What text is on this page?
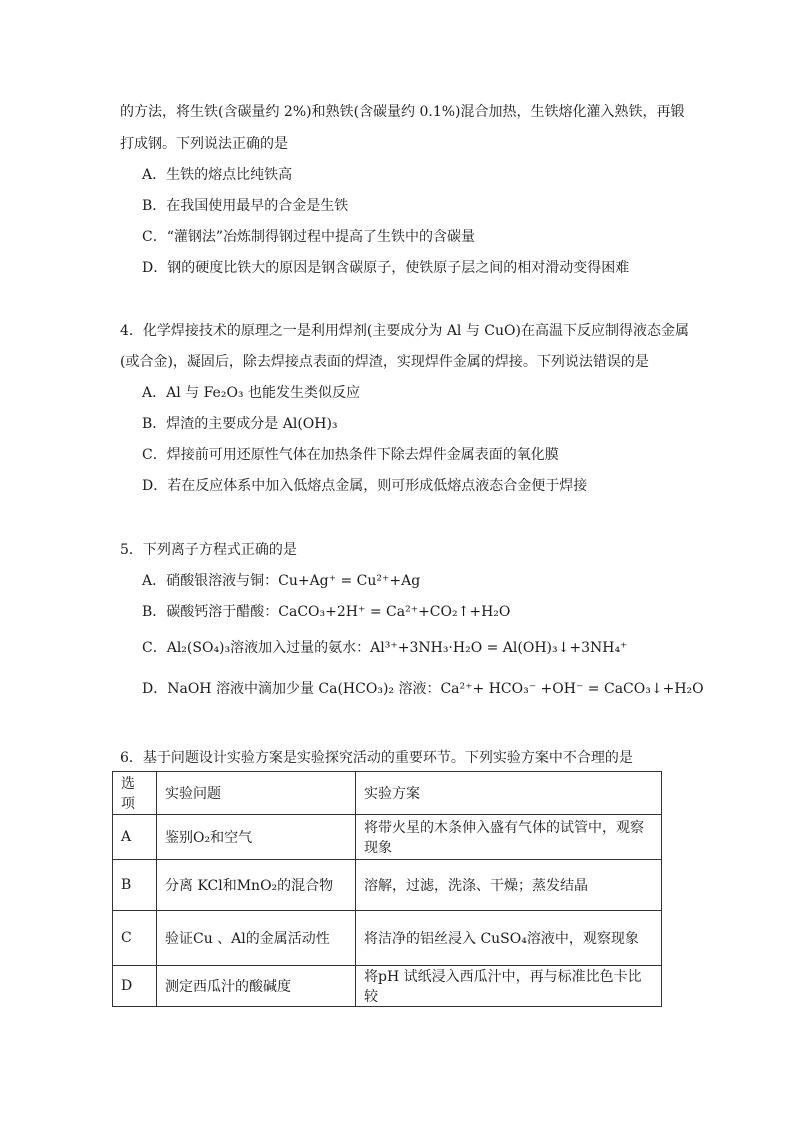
的方法，将生铁(含碳量约 2%)和熟铁(含碳量约 0.1%)混合加热，生铁熔化灌入熟铁，再锻
打成钢。下列说法正确的是
A．生铁的熔点比纯铁高
B．在我国使用最早的合金是生铁
C．“灌钢法”冶炼制得钢过程中提高了生铁中的含碳量
D．钢的硬度比铁大的原因是钢含碳原子，使铁原子层之间的相对滑动变得困难
4．化学焊接技术的原理之一是利用焊剂(主要成分为 Al 与 CuO)在高温下反应制得液态金属
(或合金)，凝固后，除去焊接点表面的焊渣，实现焊件金属的焊接。下列说法错误的是
A．Al 与 Fe₂O₃ 也能发生类似反应
B．焊渣的主要成分是 Al(OH)₃
C．焊接前可用还原性气体在加热条件下除去焊件金属表面的氧化膜
D．若在反应体系中加入低熔点金属，则可形成低熔点液态合金便于焊接
5．下列离子方程式正确的是
A．硝酸银溶液与铜：Cu+Ag⁺ = Cu²⁺+Ag
B．碳酸钙溶于醋酸：CaCO₃+2H⁺ = Ca²⁺+CO₂↑+H₂O
C．Al₂(SO₄)₃溶液加入过量的氨水：Al³⁺+3NH₃·H₂O = Al(OH)₃↓+3NH₄⁺
D．NaOH 溶液中滴加少量 Ca(HCO₃)₂ 溶液：Ca²⁺+ HCO₃⁻ +OH⁻ = CaCO₃↓+H₂O
6．基于问题设计实验方案是实验探究活动的重要环节。下列实验方案中不合理的是
选项	实验问题	实验方案
A	鉴别O₂和空气	将带火星的木条伸入盛有气体的试管中，观察现象
B	分离 KCl和MnO₂的混合物	溶解，过滤，洗涤、干燥；蒸发结晶
C	验证Cu 、Al的金属活动性	将洁净的铝丝浸入 CuSO₄溶液中，观察现象
D	测定西瓜汁的酸碱度	将pH 试纸浸入西瓜汁中，再与标准比色卡比较
